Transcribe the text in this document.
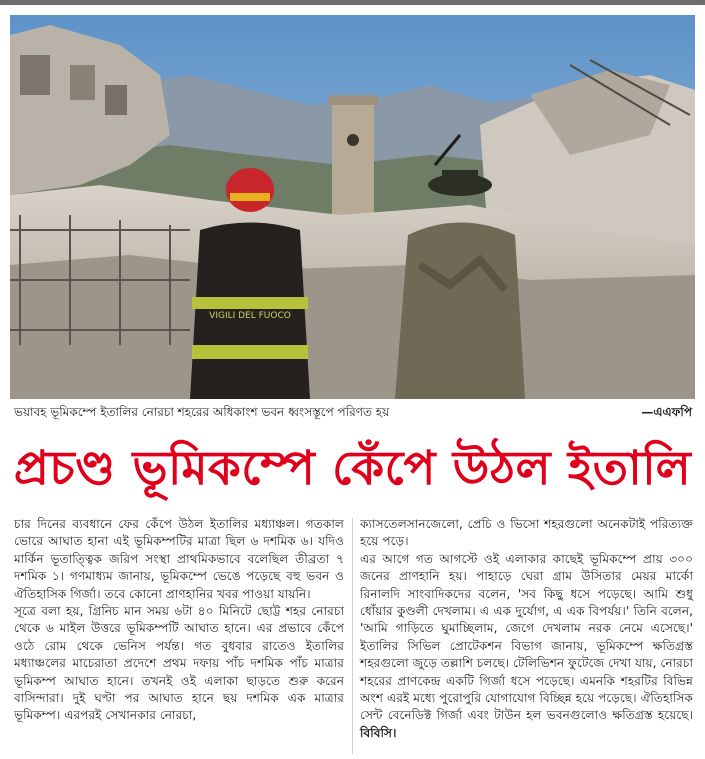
VIGILI DEL FUOCO
ভয়াবহ ভূমিকম্পে ইতালির নোরচা শহরের অধিকাংশ ভবন ধ্বংসস্তূপে পরিণত হয়	—এএফপি
প্রচণ্ড ভূমিকম্পে কেঁপে উঠল ইতালি

চার দিনের ব্যবধানে ফের কেঁপে উঠল ইতালির মধ্যাঞ্চল। গতকাল ভোরে আঘাত হানা এই ভূমিকম্পটির মাত্রা ছিল ৬ দশমিক ৬। যদিও মার্কিন ভূতাত্ত্বিক জরিপ সংস্থা প্রাথমিকভাবে বলেছিল তীব্রতা ৭ দশমিক ১। গণমাধ্যম জানায়, ভূমিকম্পে ভেঙে পড়েছে বহু ভবন ও ঐতিহাসিক গির্জা। তবে কোনো প্রাণহানির খবর পাওয়া যায়নি।

সূত্রে বলা হয়, গ্রিনিচ মান সময় ৬টা ৪০ মিনিটে ছোট্ট শহর নোরচা থেকে ৬ মাইল উত্তরে ভূমিকম্পটি আঘাত হানে। এর প্রভাবে কেঁপে ওঠে রোম থেকে ভেনিস পর্যন্ত। গত বুধবার রাতেও ইতালির মধ্যাঞ্চলের মাচেরাতা প্রদেশে প্রথম দফায় পাঁচ দশমিক পাঁচ মাত্রার ভূমিকম্প আঘাত হানে। তখনই ওই এলাকা ছাড়তে শুরু করেন বাসিন্দারা। দুই ঘণ্টা পর আঘাত হানে ছয় দশমিক এক মাত্রার ভূমিকম্প। এরপরই সেখানকার নোরচা,

ক্যাসতেলসানজেলো, প্রেচি ও ভিসো শহরগুলো অনেকটাই পরিত্যক্ত হয়ে পড়ে।

এর আগে গত আগস্টে ওই এলাকার কাছেই ভূমিকম্পে প্রায় ৩০০ জনের প্রাণহানি হয়। পাহাড়ে ঘেরা গ্রাম উসিতার মেয়র মার্কো রিনালদি সাংবাদিকদের বলেন, 'সব কিছু ধসে পড়েছে। আমি শুধু ধোঁয়ার কুণ্ডলী দেখলাম। এ এক দুর্যোগ, এ এক বিপর্যয়।' তিনি বলেন, 'আমি গাড়িতে ঘুমাচ্ছিলাম, জেগে দেখলাম নরক নেমে এসেছে।' ইতালির সিভিল প্রোটেকশন বিভাগ জানায়, ভূমিকম্পে ক্ষতিগ্রস্ত শহরগুলো জুড়ে তল্লাশি চলছে। টেলিভিশন ফুটেজে দেখা যায়, নোরচা শহরের প্রাণকেন্দ্র একটি গির্জা ধসে পড়েছে। এমনকি শহরটির বিভিন্ন অংশ এরই মধ্যে পুরোপুরি যোগাযোগ বিচ্ছিন্ন হয়ে পড়েছে। ঐতিহাসিক সেন্ট বেনেডিক্ট গির্জা এবং টাউন হল ভবনগুলোও ক্ষতিগ্রস্ত হয়েছে। বিবিসি।
